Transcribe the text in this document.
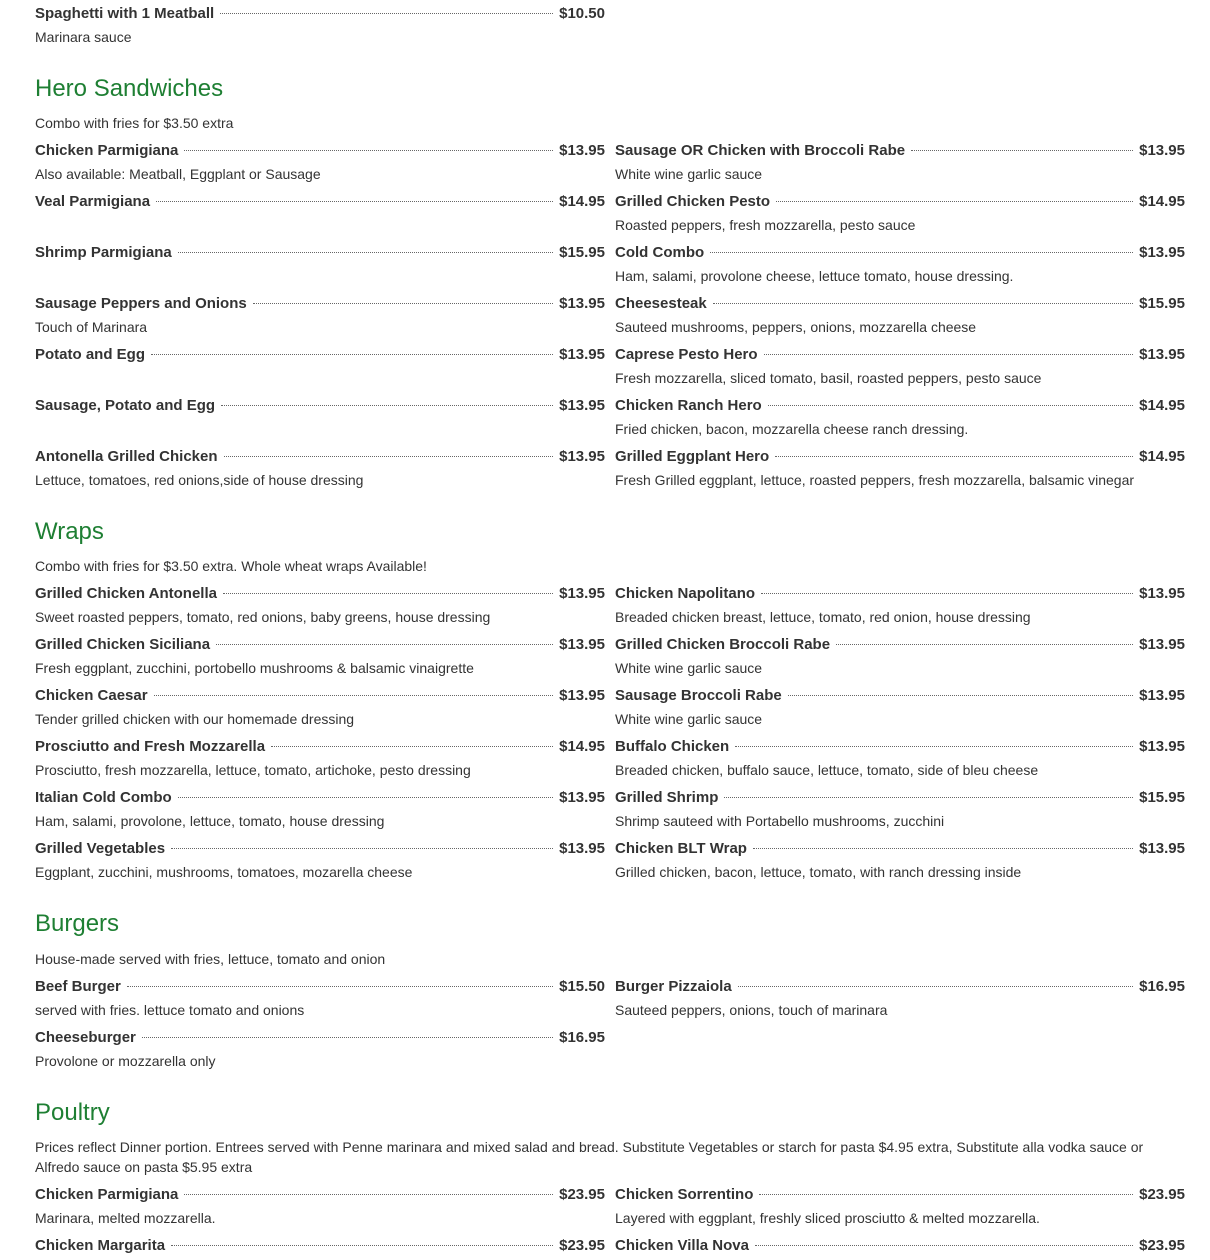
Spaghetti with 1 Meatball	$10.50
Marinara sauce
Hero Sandwiches
Combo with fries for $3.50 extra
Wraps
Combo with fries for $3.50 extra. Whole wheat wraps Available!
Burgers
House-made served with fries, lettuce, tomato and onion
Poultry
Prices reflect Dinner portion. Entrees served with Penne marinara and mixed salad and bread. Substitute Vegetables or starch for pasta $4.95 extra, Substitute alla vodka sauce or Alfredo sauce on pasta $5.95 extra
Chicken Parmigiana	$13.95
Also available: Meatball, Eggplant or Sausage
Veal Parmigiana	$14.95
Shrimp Parmigiana	$15.95
Sausage Peppers and Onions	$13.95
Touch of Marinara
Potato and Egg	$13.95
Sausage, Potato and Egg	$13.95
Antonella Grilled Chicken	$13.95
Lettuce, tomatoes, red onions,side of house dressing
Sausage OR Chicken with Broccoli Rabe	$13.95
White wine garlic sauce
Grilled Chicken Pesto	$14.95
Roasted peppers, fresh mozzarella, pesto sauce
Cold Combo	$13.95
Ham, salami, provolone cheese, lettuce tomato, house dressing.
Cheesesteak	$15.95
Sauteed mushrooms, peppers, onions, mozzarella cheese
Caprese Pesto Hero	$13.95
Fresh mozzarella, sliced tomato, basil, roasted peppers, pesto sauce
Chicken Ranch Hero	$14.95
Fried chicken, bacon, mozzarella cheese ranch dressing.
Grilled Eggplant Hero	$14.95
Fresh Grilled eggplant, lettuce, roasted peppers, fresh mozzarella, balsamic vinegar
Grilled Chicken Antonella	$13.95
Sweet roasted peppers, tomato, red onions, baby greens, house dressing
Grilled Chicken Siciliana	$13.95
Fresh eggplant, zucchini, portobello mushrooms & balsamic vinaigrette
Chicken Caesar	$13.95
Tender grilled chicken with our homemade dressing
Prosciutto and Fresh Mozzarella	$14.95
Prosciutto, fresh mozzarella, lettuce, tomato, artichoke, pesto dressing
Italian Cold Combo	$13.95
Ham, salami, provolone, lettuce, tomato, house dressing
Grilled Vegetables	$13.95
Eggplant, zucchini, mushrooms, tomatoes, mozarella cheese
Chicken Napolitano	$13.95
Breaded chicken breast, lettuce, tomato, red onion, house dressing
Grilled Chicken Broccoli Rabe	$13.95
White wine garlic sauce
Sausage Broccoli Rabe	$13.95
White wine garlic sauce
Buffalo Chicken	$13.95
Breaded chicken, buffalo sauce, lettuce, tomato, side of bleu cheese
Grilled Shrimp	$15.95
Shrimp sauteed with Portabello mushrooms, zucchini
Chicken BLT Wrap	$13.95
Grilled chicken, bacon, lettuce, tomato, with ranch dressing inside
Beef Burger	$15.50
served with fries. lettuce tomato and onions
Cheeseburger	$16.95
Provolone or mozzarella only
Burger Pizzaiola	$16.95
Sauteed peppers, onions, touch of marinara
Chicken Parmigiana	$23.95
Marinara, melted mozzarella.
Chicken Margarita	$23.95
Chicken Sorrentino	$23.95
Layered with eggplant, freshly sliced prosciutto & melted mozzarella.
Chicken Villa Nova	$23.95
